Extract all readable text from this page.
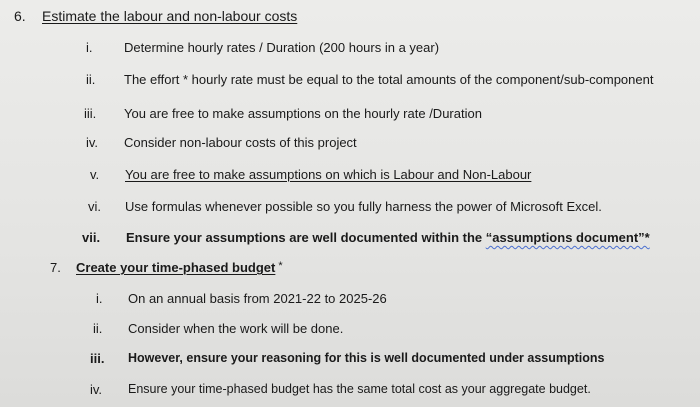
6. Estimate the labour and non-labour costs
i. Determine hourly rates / Duration (200 hours in a year)
ii. The effort * hourly rate must be equal to the total amounts of the component/sub-component
iii. You are free to make assumptions on the hourly rate /Duration
iv. Consider non-labour costs of this project
v. You are free to make assumptions on which is Labour and Non-Labour
vi. Use formulas whenever possible so you fully harness the power of Microsoft Excel.
vii. Ensure your assumptions are well documented within the “assumptions document”*
7. Create your time-phased budget *
i. On an annual basis from 2021-22 to 2025-26
ii. Consider when the work will be done.
iii. However, ensure your reasoning for this is well documented under assumptions
iv. Ensure your time-phased budget has the same total cost as your aggregate budget.
